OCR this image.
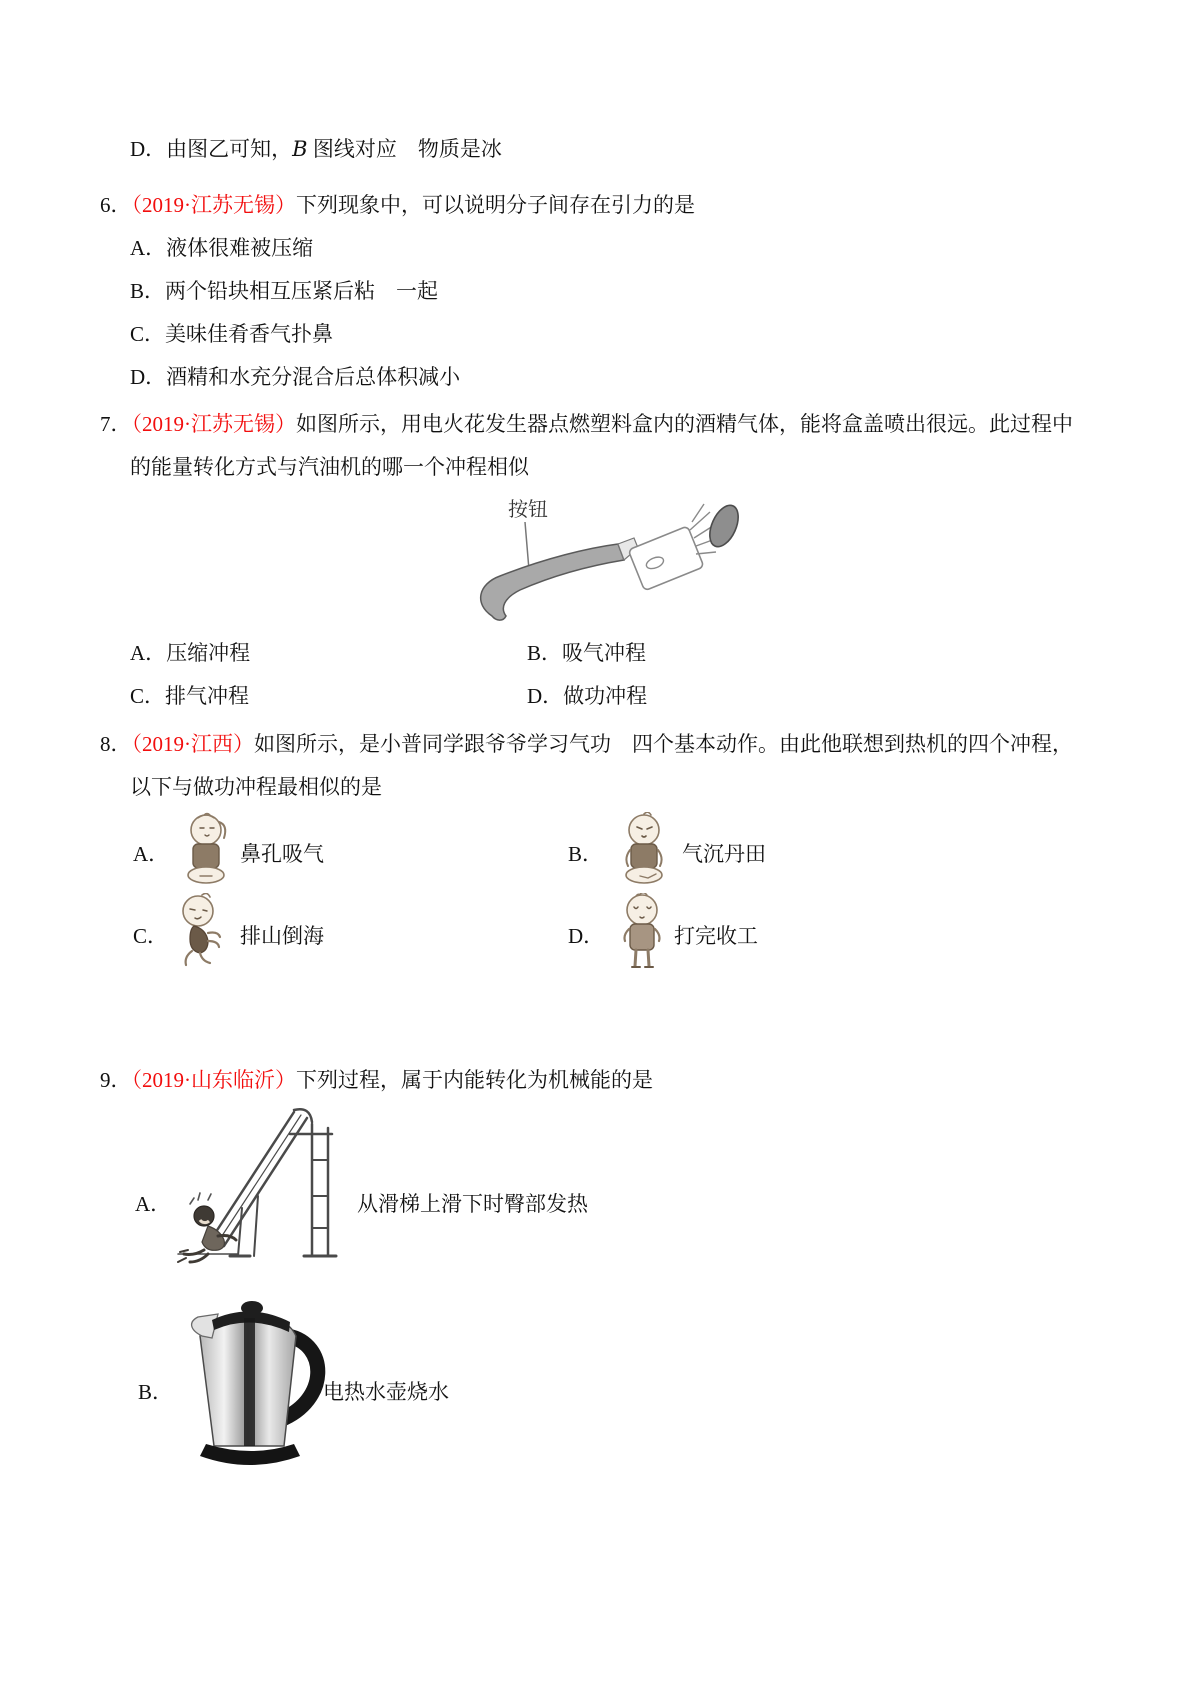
D．由图乙可知，B 图线对应　物质是冰
6．（2019·江苏无锡）下列现象中，可以说明分子间存在引力的是
A．液体很难被压缩
B．两个铅块相互压紧后粘　一起
C．美味佳肴香气扑鼻
D．酒精和水充分混合后总体积减小
7．（2019·江苏无锡）如图所示，用电火花发生器点燃塑料盒内的酒精气体，能将盒盖喷出很远。此过程中
的能量转化方式与汽油机的哪一个冲程相似
按钮
A．压缩冲程	B．吸气冲程
C．排气冲程	D．做功冲程
8．（2019·江西）如图所示，是小普同学跟爷爷学习气功　四个基本动作。由此他联想到热机的四个冲程，
以下与做功冲程最相似的是
A．	鼻孔吸气	B．	气沉丹田
C．	排山倒海	D．	打完收工
9．（2019·山东临沂）下列过程，属于内能转化为机械能的是
A．	从滑梯上滑下时臀部发热
B．	电热水壶烧水
